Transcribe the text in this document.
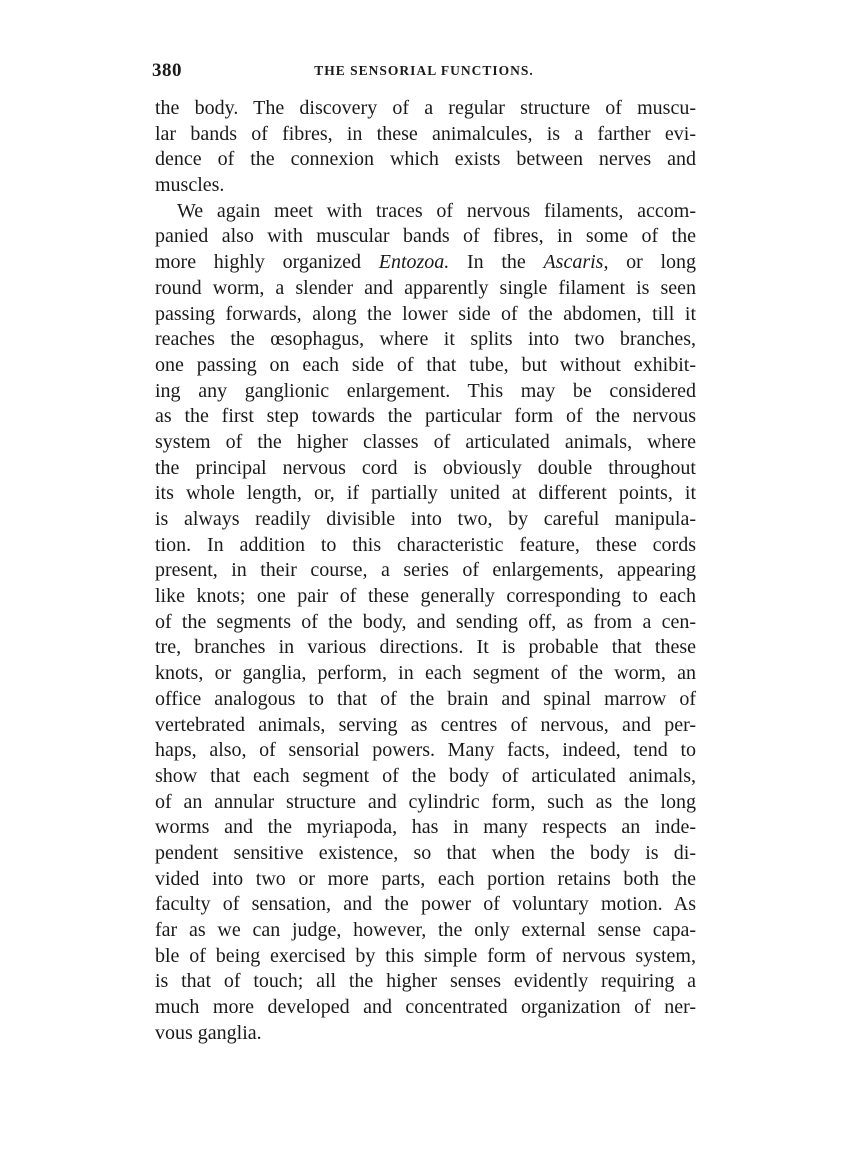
380	THE SENSORIAL FUNCTIONS.
the body. The discovery of a regular structure of muscu-
lar bands of fibres, in these animalcules, is a farther evi-
dence of the connexion which exists between nerves and
muscles.
We again meet with traces of nervous filaments, accom-
panied also with muscular bands of fibres, in some of the
more highly organized Entozoa. In the Ascaris, or long
round worm, a slender and apparently single filament is seen
passing forwards, along the lower side of the abdomen, till it
reaches the œsophagus, where it splits into two branches,
one passing on each side of that tube, but without exhibit-
ing any ganglionic enlargement. This may be considered
as the first step towards the particular form of the nervous
system of the higher classes of articulated animals, where
the principal nervous cord is obviously double throughout
its whole length, or, if partially united at different points, it
is always readily divisible into two, by careful manipula-
tion. In addition to this characteristic feature, these cords
present, in their course, a series of enlargements, appearing
like knots; one pair of these generally corresponding to each
of the segments of the body, and sending off, as from a cen-
tre, branches in various directions. It is probable that these
knots, or ganglia, perform, in each segment of the worm, an
office analogous to that of the brain and spinal marrow of
vertebrated animals, serving as centres of nervous, and per-
haps, also, of sensorial powers. Many facts, indeed, tend to
show that each segment of the body of articulated animals,
of an annular structure and cylindric form, such as the long
worms and the myriapoda, has in many respects an inde-
pendent sensitive existence, so that when the body is di-
vided into two or more parts, each portion retains both the
faculty of sensation, and the power of voluntary motion. As
far as we can judge, however, the only external sense capa-
ble of being exercised by this simple form of nervous system,
is that of touch; all the higher senses evidently requiring a
much more developed and concentrated organization of ner-
vous ganglia.
